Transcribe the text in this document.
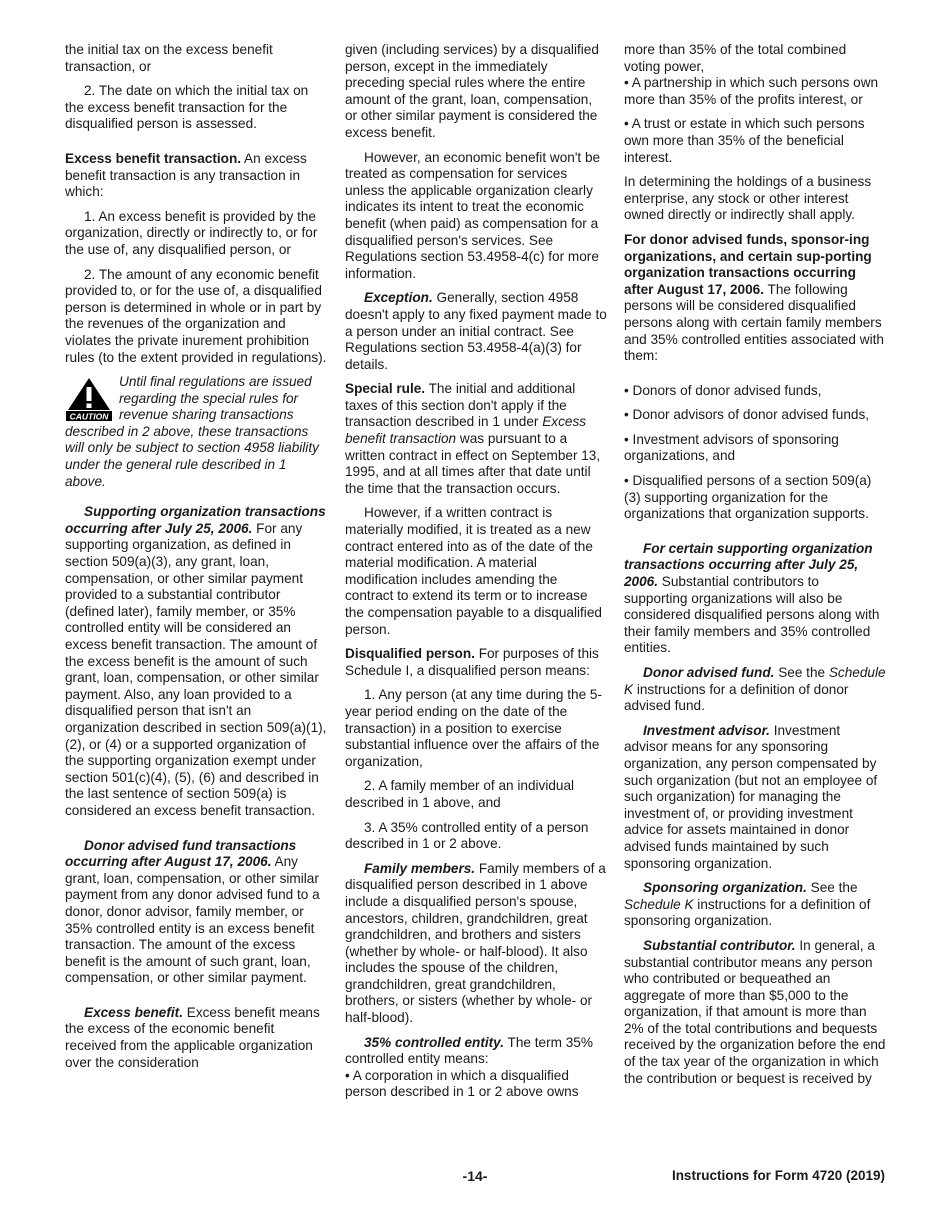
the initial tax on the excess benefit transaction, or

2. The date on which the initial tax on the excess benefit transaction for the disqualified person is assessed.

Excess benefit transaction. An excess benefit transaction is any transaction in which:

1. An excess benefit is provided by the organization, directly or indirectly to, or for the use of, any disqualified person, or

2. The amount of any economic benefit provided to, or for the use of, a disqualified person is determined in whole or in part by the revenues of the organization and violates the private inurement prohibition rules (to the extent provided in regulations).

CAUTION
Until final regulations are issued regarding the special rules for revenue sharing transactions described in 2 above, these transactions will only be subject to section 4958 liability under the general rule described in 1 above.

Supporting organization transactions occurring after July 25, 2006. For any supporting organization, as defined in section 509(a)(3), any grant, loan, compensation, or other similar payment provided to a substantial contributor (defined later), family member, or 35% controlled entity will be considered an excess benefit transaction. The amount of the excess benefit is the amount of such grant, loan, compensation, or other similar payment. Also, any loan provided to a disqualified person that isn't an organization described in section 509(a)(1), (2), or (4) or a supported organization of the supporting organization exempt under section 501(c)(4), (5), (6) and described in the last sentence of section 509(a) is considered an excess benefit transaction.

Donor advised fund transactions occurring after August 17, 2006. Any grant, loan, compensation, or other similar payment from any donor advised fund to a donor, donor advisor, family member, or 35% controlled entity is an excess benefit transaction. The amount of the excess benefit is the amount of such grant, loan, compensation, or other similar payment.

Excess benefit. Excess benefit means the excess of the economic benefit received from the applicable organization over the consideration

given (including services) by a disqualified person, except in the immediately preceding special rules where the entire amount of the grant, loan, compensation, or other similar payment is considered the excess benefit.

However, an economic benefit won't be treated as compensation for services unless the applicable organization clearly indicates its intent to treat the economic benefit (when paid) as compensation for a disqualified person's services. See Regulations section 53.4958-4(c) for more information.

Exception. Generally, section 4958 doesn't apply to any fixed payment made to a person under an initial contract. See Regulations section 53.4958-4(a)(3) for details.

Special rule. The initial and additional taxes of this section don't apply if the transaction described in 1 under Excess benefit transaction was pursuant to a written contract in effect on September 13, 1995, and at all times after that date until the time that the transaction occurs.

However, if a written contract is materially modified, it is treated as a new contract entered into as of the date of the material modification. A material modification includes amending the contract to extend its term or to increase the compensation payable to a disqualified person.

Disqualified person. For purposes of this Schedule I, a disqualified person means:

1. Any person (at any time during the 5-year period ending on the date of the transaction) in a position to exercise substantial influence over the affairs of the organization,

2. A family member of an individual described in 1 above, and

3. A 35% controlled entity of a person described in 1 or 2 above.

Family members. Family members of a disqualified person described in 1 above include a disqualified person's spouse, ancestors, children, grandchildren, great grandchildren, and brothers and sisters (whether by whole- or half-blood). It also includes the spouse of the children, grandchildren, great grandchildren, brothers, or sisters (whether by whole- or half-blood).

35% controlled entity. The term 35% controlled entity means:

• A corporation in which a disqualified person described in 1 or 2 above owns

more than 35% of the total combined voting power,

• A partnership in which such persons own more than 35% of the profits interest, or

• A trust or estate in which such persons own more than 35% of the beneficial interest.

In determining the holdings of a business enterprise, any stock or other interest owned directly or indirectly shall apply.

For donor advised funds, sponsor-ing organizations, and certain sup-porting organization transactions occurring after August 17, 2006. The following persons will be considered disqualified persons along with certain family members and 35% controlled entities associated with them:

• Donors of donor advised funds,

• Donor advisors of donor advised funds,

• Investment advisors of sponsoring organizations, and

• Disqualified persons of a section 509(a)(3) supporting organization for the organizations that organization supports.

For certain supporting organization transactions occurring after July 25, 2006. Substantial contributors to supporting organizations will also be considered disqualified persons along with their family members and 35% controlled entities.

Donor advised fund. See the Schedule K instructions for a definition of donor advised fund.

Investment advisor. Investment advisor means for any sponsoring organization, any person compensated by such organization (but not an employee of such organization) for managing the investment of, or providing investment advice for assets maintained in donor advised funds maintained by such sponsoring organization.

Sponsoring organization. See the Schedule K instructions for a definition of sponsoring organization.

Substantial contributor. In general, a substantial contributor means any person who contributed or bequeathed an aggregate of more than $5,000 to the organization, if that amount is more than 2% of the total contributions and bequests received by the organization before the end of the tax year of the organization in which the contribution or bequest is received by

-14-	Instructions for Form 4720 (2019)
